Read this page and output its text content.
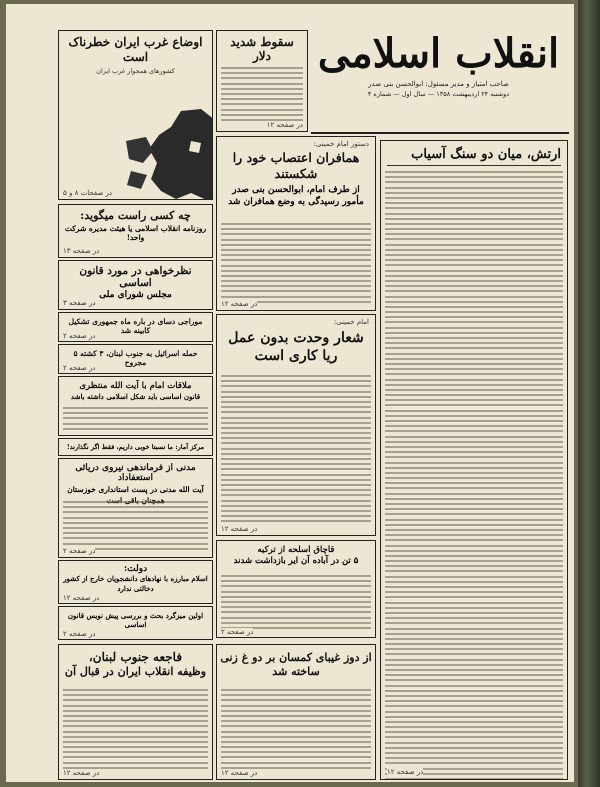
انقلاب اسلامی
صاحب امتیاز و مدیر مسئول: ابوالحسن بنی صدر
دوشنبه ۲۴ اردیبهشت ۱۳۵۸ — سال اول — شماره ۴
سقوط شدید دلار
در صفحه ۱۲
اوضاع غرب ایران خطرناک است
کشورهای همجوار غرب ایران
در صفحات ۸ و ۵
ارتش، میان دو سنگ آسیاب
در صفحه ۱۲
دستور امام خمینی:
همافران اعتصاب خود را شکستند
از طرف امام، ابوالحسن بنی صدر مأمور رسیدگی به وضع همافران شد
در صفحه ۱۲
امام خمینی:
شعار وحدت بدون عمل ریا کاری است
در صفحه ۱۲
چه کسی راست میگوید:
روزنامه انقلاب اسلامی یا هیئت مدیره شرکت واحد!
در صفحه ۱۳
نظرخواهی در مورد قانون اساسی
مجلس شورای ملی
در صفحه ۳
موراجی دسای در باره ماه جمهوری تشکیل کابینه شد
در صفحه ۲
حمله اسرائیل به جنوب لبنان، ۳ کشته ۵ مجروح
در صفحه ۲
ملاقات امام با آیت الله منتظری
قانون اساسی باید شکل اسلامی داشته باشد
مرکز آمار: ما نسبتا خوبی داریم، فقط اگر نگذارند!
مدنی از فرماندهی نیروی دریائی استعفاداد
آیت الله مدنی در پست استانداری خوزستان
در صفحه ۲
دولت:
اسلام مبارزه با نهادهای دانشجویان خارج از کشور دخالتی ندارد
در صفحه ۱۲
اولین میزگرد بحث و بررسی پیش نویس قانون اساسی
در صفحه ۲
قاچاق اسلحه از ترکیه
۵ تن در آباده آن ایر بازداشت شدند
در صفحه ۲
فاجعه جنوب لبنان،
وظیفه انقلاب ایران در قبال آن
در صفحه ۱۲
از دوز غیبای کمسان بر دو غ زنی
ساخته شد
در صفحه ۱۲
